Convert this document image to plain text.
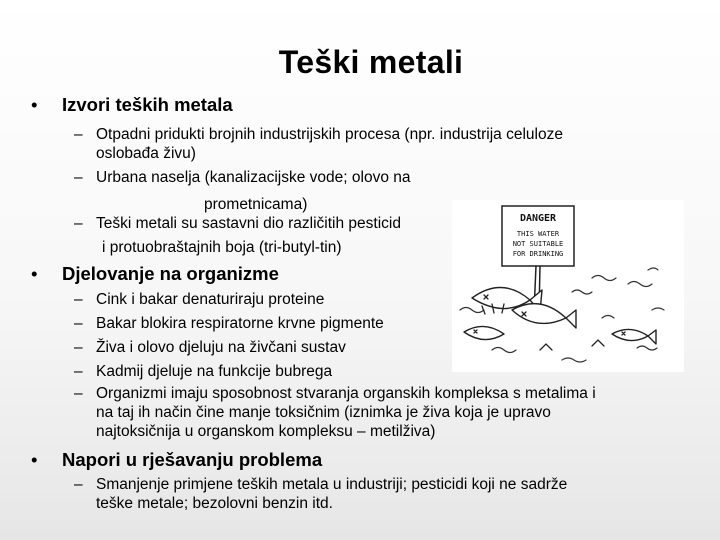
Teški metali
• Izvori teških metala
– Otpadni pridukti brojnih industrijskih procesa (npr. industrija celuloze
oslobađa živu)
– Urbana naselja (kanalizacijske vode; olovo na
prometnicama)
– Teški metali su sastavni dio različitih pesticid
i protuobraštajnih boja (tri-butyl-tin)
• Djelovanje na organizme
– Cink i bakar denaturiraju proteine
– Bakar blokira respiratorne krvne pigmente
– Živa i olovo djeluju na živčani sustav
– Kadmij djeluje na funkcije bubrega
– Organizmi imaju sposobnost stvaranja organskih kompleksa s metalima i
na taj ih način čine manje toksičnim (iznimka je živa koja je upravo
najtoksičnija u organskom kompleksu – metilživa)
• Napori u rješavanju problema
– Smanjenje primjene teških metala u industriji; pesticidi koji ne sadrže
teške metale; bezolovni benzin itd.
DANGER
THIS WATER
NOT SUITABLE
FOR DRINKING
